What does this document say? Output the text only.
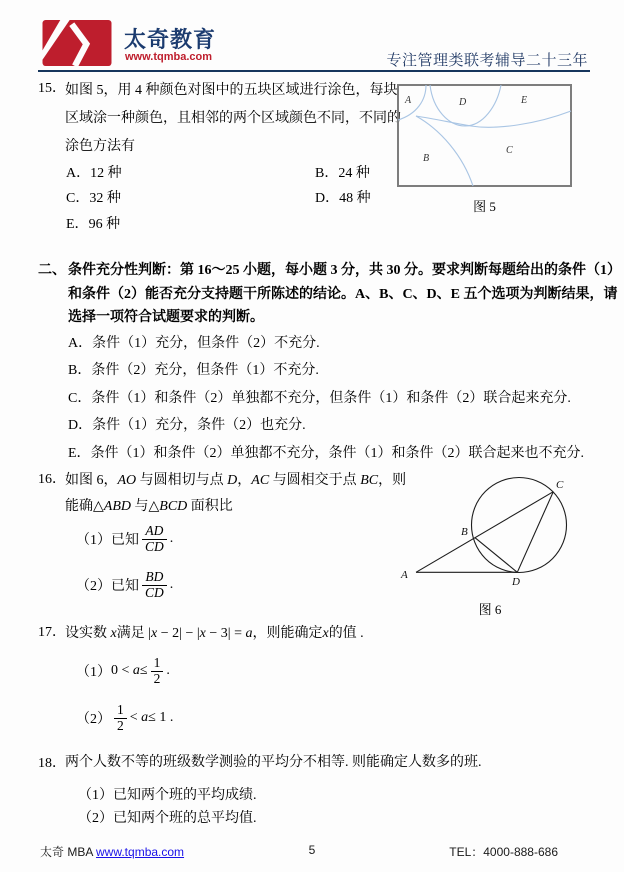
太奇教育
www.tqmba.com	专注管理类联考辅导二十三年
15． 如图 5，用 4 种颜色对图中的五块区域进行涂色，每块
区域涂一种颜色，且相邻的两个区域颜色不同，不同的
涂色方法有
A．12 种	B．24 种
C．32 种	D．48 种
E．96 种
A	D	E
B
C
图 5
二、 条件充分性判断：第 16～25 小题，每小题 3 分，共 30 分。要求判断每题给出的条件（1）
和条件（2）能否充分支持题干所陈述的结论。A、B、C、D、E 五个选项为判断结果，请
选择一项符合试题要求的判断。
A．条件（1）充分，但条件（2）不充分.
B．条件（2）充分，但条件（1）不充分.
C．条件（1）和条件（2）单独都不充分，但条件（1）和条件（2）联合起来充分.
D．条件（1）充分，条件（2）也充分.
E．条件（1）和条件（2）单独都不充分，条件（1）和条件（2）联合起来也不充分.
16． 如图 6，AO 与圆相切与点 D，AC 与圆相交于点 BC，则
能确△ABD 与△BCD 面积比
（1） 已知 $\frac{AD}{CD}$ .
（2） 已知 $\frac{BD}{CD}$ .
A
B
C
D
图 6
17． 设实数 x满足 |x − 2| − |x − 3| = a，则能确定x的值 .
（1） $0 < a\le \frac{1}{2}$ .
$(2) \frac{1}{2} < a\le 1$ .
18． 两个人数不等的班级数学测验的平均分不相等. 则能确定人数多的班.
（1）已知两个班的平均成绩.
（2）已知两个班的总平均值.
太奇 MBA www.tqmba.com	5	TEL：4000-888-686
